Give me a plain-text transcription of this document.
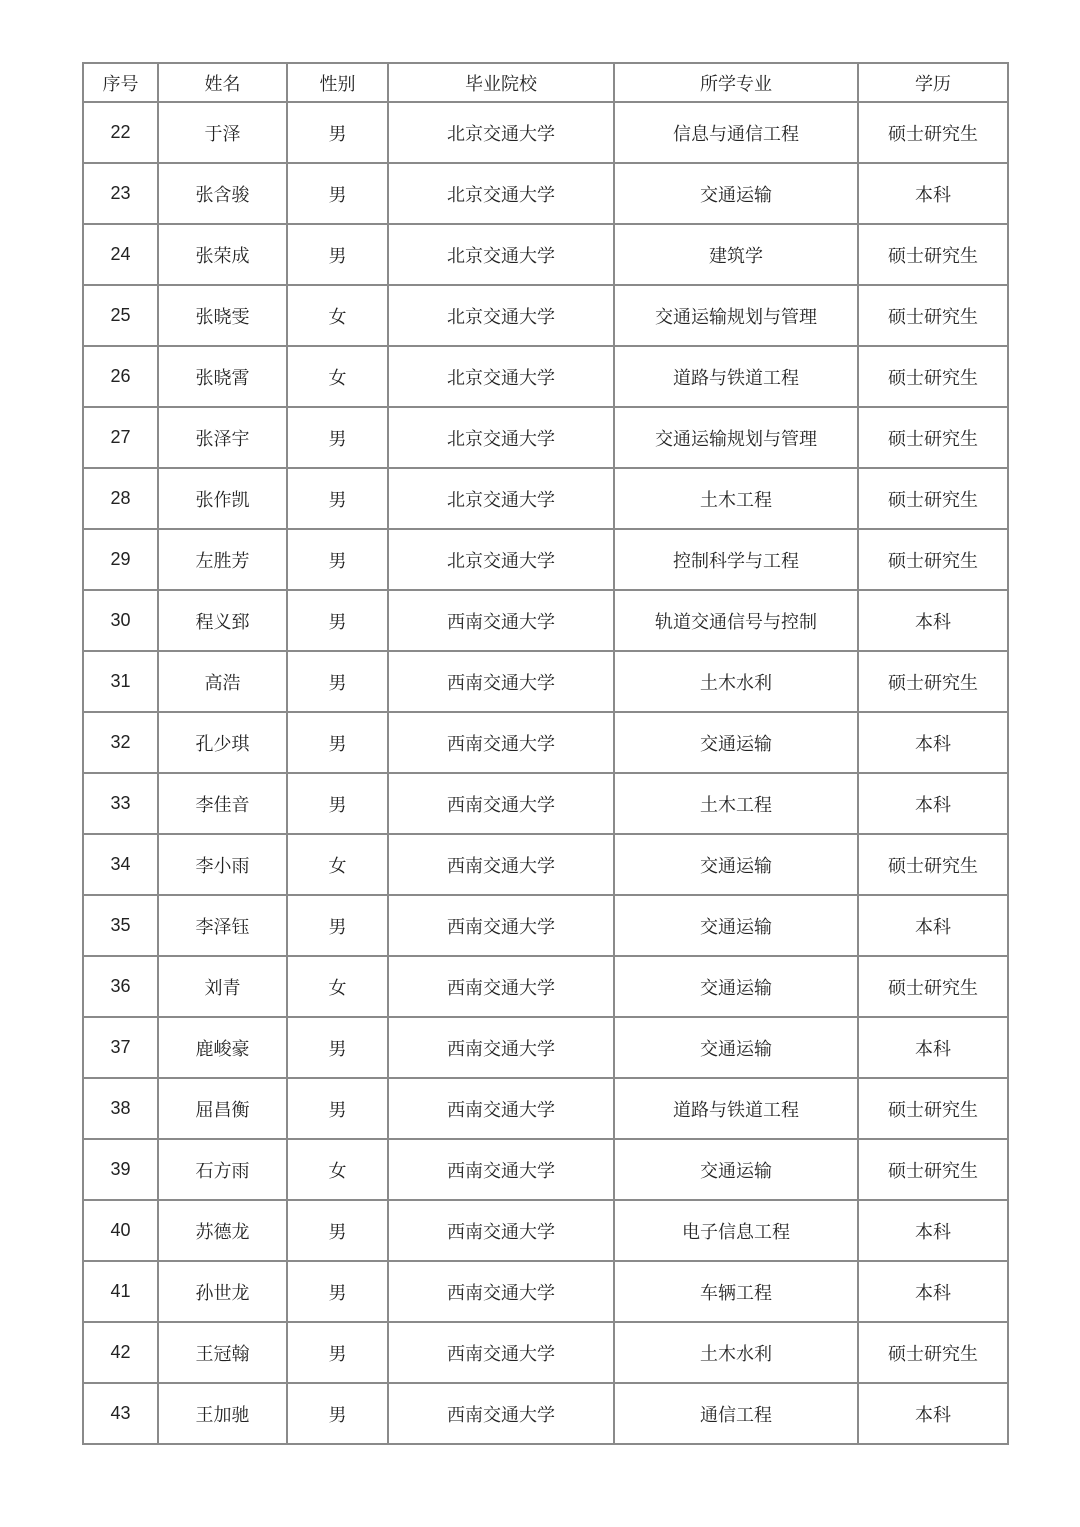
序号	姓名	性别	毕业院校	所学专业	学历
22	于泽	男	北京交通大学	信息与通信工程	硕士研究生
23	张含骏	男	北京交通大学	交通运输	本科
24	张荣成	男	北京交通大学	建筑学	硕士研究生
25	张晓雯	女	北京交通大学	交通运输规划与管理	硕士研究生
26	张晓霄	女	北京交通大学	道路与铁道工程	硕士研究生
27	张泽宇	男	北京交通大学	交通运输规划与管理	硕士研究生
28	张作凯	男	北京交通大学	土木工程	硕士研究生
29	左胜芳	男	北京交通大学	控制科学与工程	硕士研究生
30	程义郅	男	西南交通大学	轨道交通信号与控制	本科
31	高浩	男	西南交通大学	土木水利	硕士研究生
32	孔少琪	男	西南交通大学	交通运输	本科
33	李佳音	男	西南交通大学	土木工程	本科
34	李小雨	女	西南交通大学	交通运输	硕士研究生
35	李泽钰	男	西南交通大学	交通运输	本科
36	刘青	女	西南交通大学	交通运输	硕士研究生
37	鹿峻豪	男	西南交通大学	交通运输	本科
38	屈昌衡	男	西南交通大学	道路与铁道工程	硕士研究生
39	石方雨	女	西南交通大学	交通运输	硕士研究生
40	苏德龙	男	西南交通大学	电子信息工程	本科
41	孙世龙	男	西南交通大学	车辆工程	本科
42	王冠翰	男	西南交通大学	土木水利	硕士研究生
43	王加驰	男	西南交通大学	通信工程	本科
